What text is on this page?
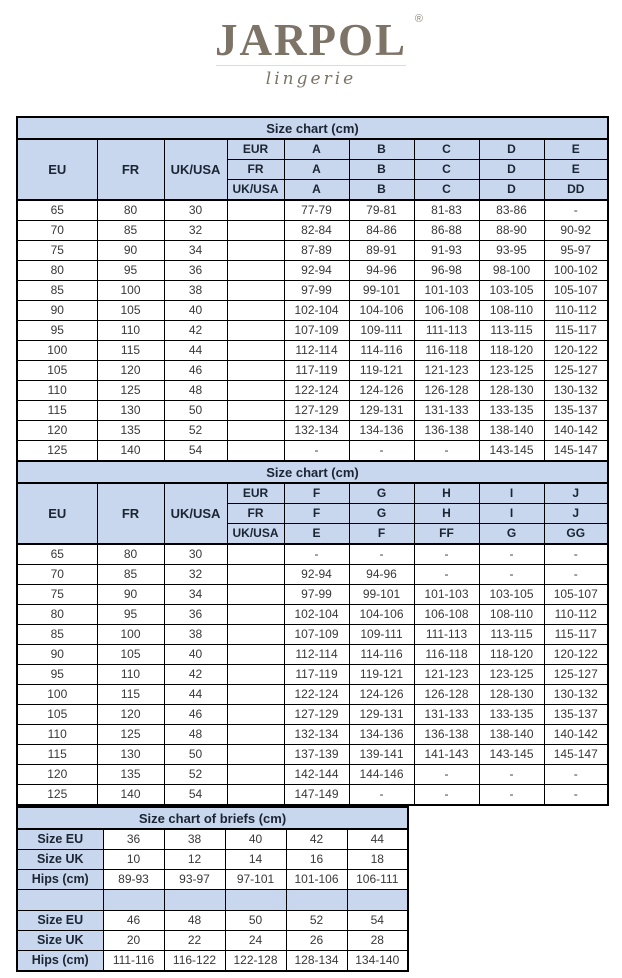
JARPOL ®
lingerie
Size chart (cm)								
EU	FR	UK/USA	EUR	A	B	C	D	E
			FR	A	B	C	D	E
			UK/USA	A	B	C	D	DD
65	80	30		77-79	79-81	81-83	83-86	-
70	85	32		82-84	84-86	86-88	88-90	90-92
75	90	34		87-89	89-91	91-93	93-95	95-97
80	95	36		92-94	94-96	96-98	98-100	100-102
85	100	38		97-99	99-101	101-103	103-105	105-107
90	105	40		102-104	104-106	106-108	108-110	110-112
95	110	42		107-109	109-111	111-113	113-115	115-117
100	115	44		112-114	114-116	116-118	118-120	120-122
105	120	46		117-119	119-121	121-123	123-125	125-127
110	125	48		122-124	124-126	126-128	128-130	130-132
115	130	50		127-129	129-131	131-133	133-135	135-137
120	135	52		132-134	134-136	136-138	138-140	140-142
125	140	54		-	-	-	143-145	145-147
Size chart (cm)								
EU	FR	UK/USA	EUR	F	G	H	I	J
			FR	F	G	H	I	J
			UK/USA	E	F	FF	G	GG
65	80	30		-	-	-	-	-
70	85	32		92-94	94-96	-	-	-
75	90	34		97-99	99-101	101-103	103-105	105-107
80	95	36		102-104	104-106	106-108	108-110	110-112
85	100	38		107-109	109-111	111-113	113-115	115-117
90	105	40		112-114	114-116	116-118	118-120	120-122
95	110	42		117-119	119-121	121-123	123-125	125-127
100	115	44		122-124	124-126	126-128	128-130	130-132
105	120	46		127-129	129-131	131-133	133-135	135-137
110	125	48		132-134	134-136	136-138	138-140	140-142
115	130	50		137-139	139-141	141-143	143-145	145-147
120	135	52		142-144	144-146	-	-	-
125	140	54		147-149	-	-	-	-
Size chart of briefs (cm)					
Size EU	36	38	40	42	44
Size UK	10	12	14	16	18
Hips (cm)	89-93	93-97	97-101	101-106	106-111

Size EU	46	48	50	52	54
Size UK	20	22	24	26	28
Hips (cm)	111-116	116-122	122-128	128-134	134-140
